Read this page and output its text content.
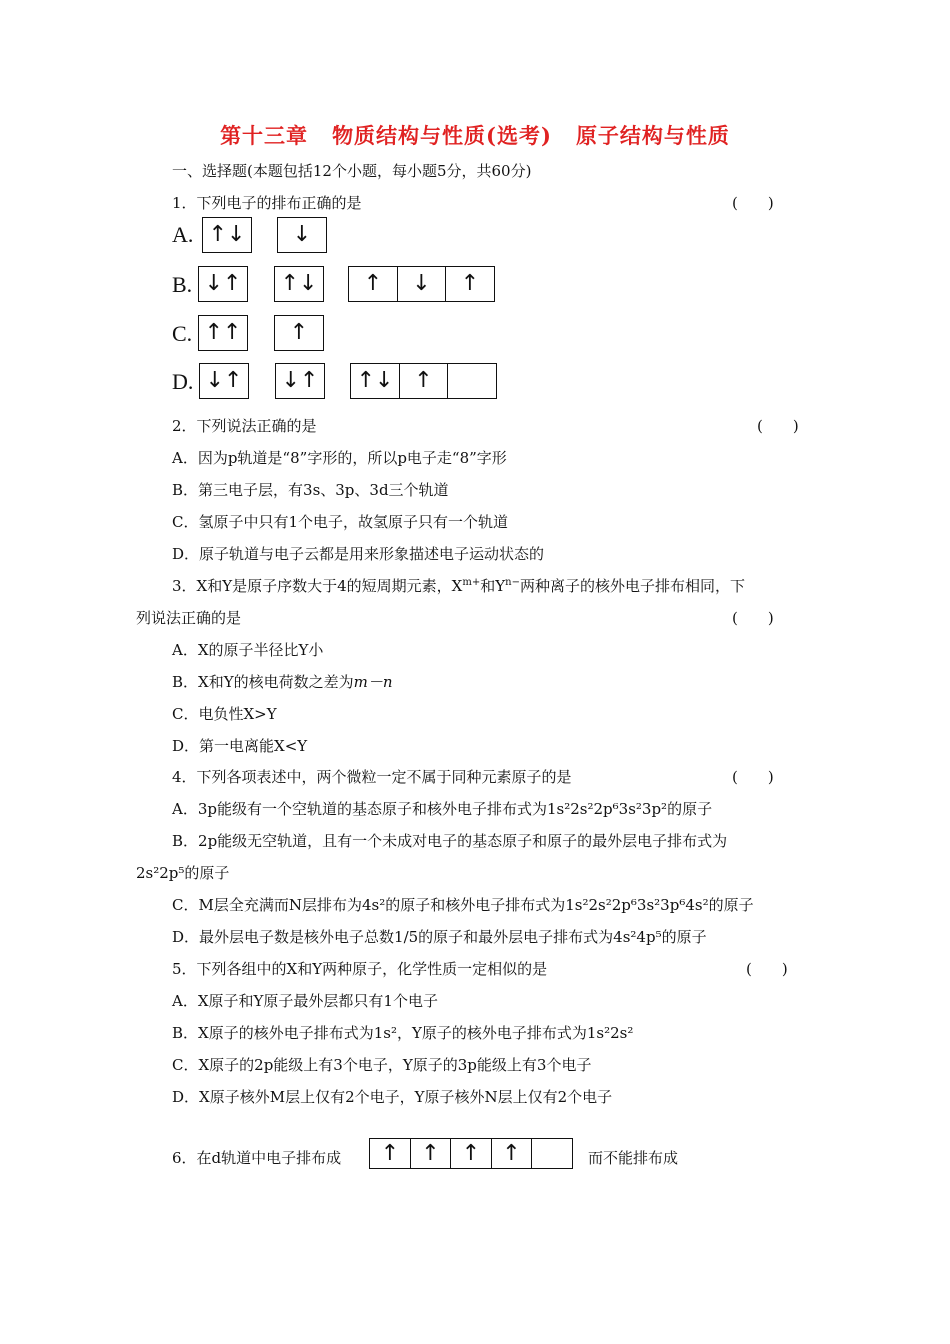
第十三章 物质结构与性质(选考) 原子结构与性质
一、选择题(本题包括12个小题，每小题5分，共60分)
1．下列电子的排布正确的是	(　　)
A. ↑↓	↓
B. ↓↑ ↑↓	↑	↓	↑
C. ↑↑	↑
D. ↓↑ ↓↑ ↑↓ ↑
2．下列说法正确的是	(　　)
A．因为p轨道是“8”字形的，所以p电子走“8”字形
B．第三电子层，有3s、3p、3d三个轨道
C．氢原子中只有1个电子，故氢原子只有一个轨道
D．原子轨道与电子云都是用来形象描述电子运动状态的
3．X和Y是原子序数大于4的短周期元素，$X^{m+}$和$Y^{n-}$两种离子的核外电子排布相同，下
列说法正确的是	(　　)
A．X的原子半径比Y小
B．X和Y的核电荷数之差为m－n
C．电负性X>Y
D．第一电离能X<Y
4．下列各项表述中，两个微粒一定不属于同种元素原子的是	(　　)
A．3p能级有一个空轨道的基态原子和核外电子排布式为1s²2s²2p⁶3s²3p²的原子
B．2p能级无空轨道，且有一个未成对电子的基态原子和原子的最外层电子排布式为
2s²2p⁵的原子
C．M层全充满而N层排布为4s²的原子和核外电子排布式为1s²2s²2p⁶3s²3p⁶4s²的原子
D．最外层电子数是核外电子总数1/5的原子和最外层电子排布式为4s²4p⁵的原子
5．下列各组中的X和Y两种原子，化学性质一定相似的是	(　　)
A．X原子和Y原子最外层都只有1个电子
B．X原子的核外电子排布式为1s²，Y原子的核外电子排布式为1s²2s²
C．X原子的2p能级上有3个电子，Y原子的3p能级上有3个电子
D．X原子核外M层上仅有2个电子，Y原子核外N层上仅有2个电子
6．在d轨道中电子排布成	↑	↑	↑	↑	而不能排布成
